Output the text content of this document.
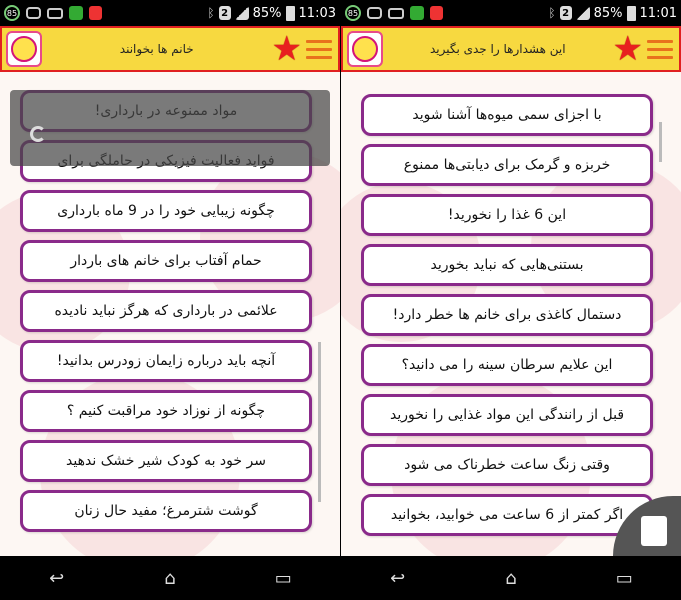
85	ᛒ 2 85% 11:03
خانم ها بخوانند	★
چگونه زیبایی خود را در 9 ماه بارداری
حمام آفتاب برای خانم های باردار
علائمی در بارداری که هرگز نباید نادیده
آنچه باید درباره زایمان زودرس بدانید!
چگونه از نوزاد خود مراقبت کنیم ؟
سر خود به کودک شیر خشک ندهید
گوشت شترمرغ؛ مفید حال زنان
↩	⌂	▭
85	ᛒ 2 85% 11:01
این هشدارها را جدی بگیرید	★
با اجزای سمی میوه‌ها آشنا شوید
خربزه و گرمک برای دیابتی‌ها ممنوع
این 6 غذا را نخورید!
بستنی‌هایی که نباید بخورید
دستمال کاغذی برای خانم ها خطر دارد!
این علایم سرطان سینه را می دانید؟
قبل از رانندگی این مواد غذایی را نخورید
وقتی زنگ ساعت خطرناک می شود
اگر کمتر از 6 ساعت می خوابید، بخوانید
↩	⌂	▭
